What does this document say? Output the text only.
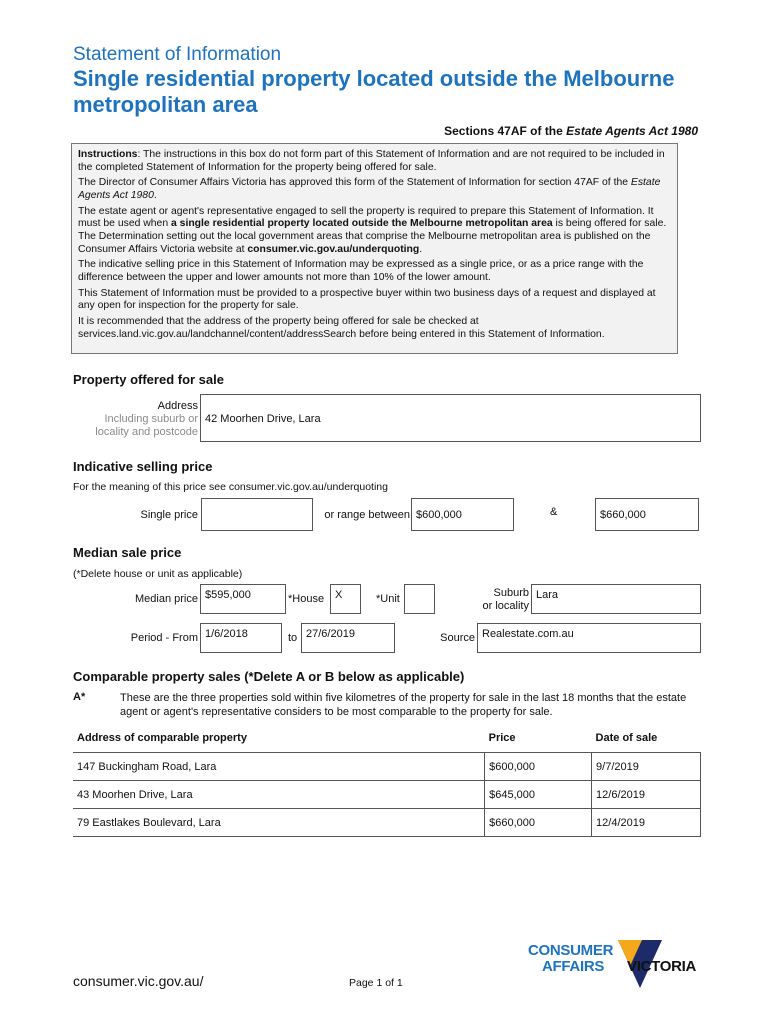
Statement of Information
Single residential property located outside the Melbourne metropolitan area
Sections 47AF of the Estate Agents Act 1980

Instructions: The instructions in this box do not form part of this Statement of Information and are not required to be included in the completed Statement of Information for the property being offered for sale.

The Director of Consumer Affairs Victoria has approved this form of the Statement of Information for section 47AF of the Estate Agents Act 1980.

The estate agent or agent's representative engaged to sell the property is required to prepare this Statement of Information. It must be used when a single residential property located outside the Melbourne metropolitan area is being offered for sale. The Determination setting out the local government areas that comprise the Melbourne metropolitan area is published on the Consumer Affairs Victoria website at consumer.vic.gov.au/underquoting.

The indicative selling price in this Statement of Information may be expressed as a single price, or as a price range with the difference between the upper and lower amounts not more than 10% of the lower amount.

This Statement of Information must be provided to a prospective buyer within two business days of a request and displayed at any open for inspection for the property for sale.

It is recommended that the address of the property being offered for sale be checked at services.land.vic.gov.au/landchannel/content/addressSearch before being entered in this Statement of Information.

Property offered for sale
Address
Including suburb or
locality and postcode
42 Moorhen Drive, Lara
Indicative selling price
For the meaning of this price see consumer.vic.gov.au/underquoting
Single price	or range between $600,000	&	$660,000
Median sale price
(*Delete house or unit as applicable)
Median price $595,000	*House X	*Unit	Suburb
or locality
Lara
Period - From 1/6/2018	to 27/6/2019	Source Realestate.com.au
Comparable property sales (*Delete A or B below as applicable)
A*	These are the three properties sold within five kilometres of the property for sale in the last 18 months that the estate agent or agent's representative considers to be most comparable to the property for sale.
Address of comparable property	Price	Date of sale
147 Buckingham Road, Lara	$600,000	9/7/2019
43 Moorhen Drive, Lara	$645,000	12/6/2019
79 Eastlakes Boulevard, Lara	$660,000	12/4/2019
CONSUMER
AFFAIRS VICTORIA
consumer.vic.gov.au/	Page 1 of 1
